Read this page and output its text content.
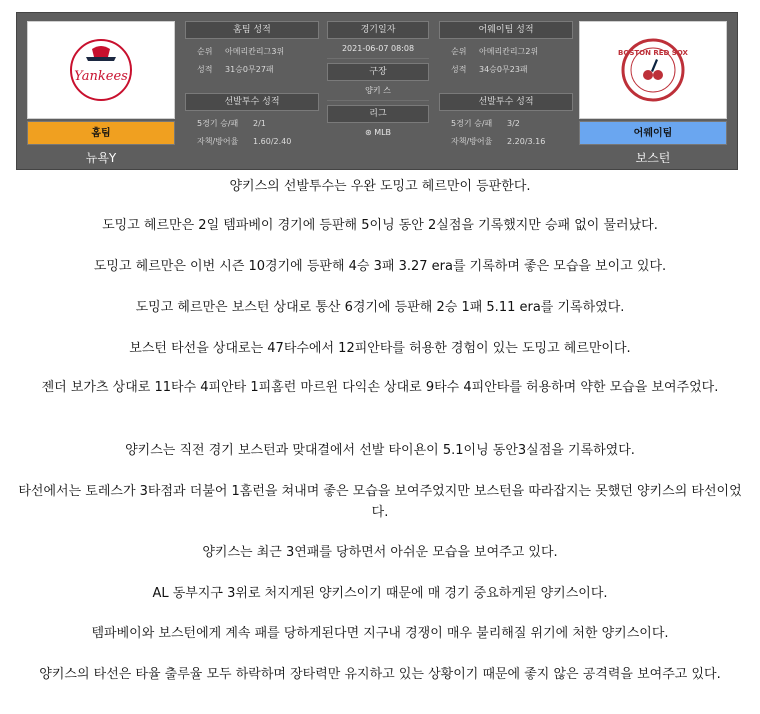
Yankees
홈팀
뉴욕Y
홈팀 성적
순위 아메리칸리그3위
성적 31승0무27패
선발투수 성적
5경기 승/패 2/1
자책/방어율 1.60/2.40
경기일자
2021-06-07 08:08
구장
양키 스
리그
⊛ MLB
어웨이팀 성적
순위 아메리칸리그2위
성적 34승0무23패
선발투수 성적
5경기 승/패 3/2
자책/방어율 2.20/3.16
BOSTON RED SOX
어웨이팀
보스턴

양키스의 선발투수는 우완 도밍고 헤르만이 등판한다.

도밍고 헤르만은 2일 템파베이 경기에 등판해 5이닝 동안 2실점을 기록했지만 승패 없이 물러났다.

도밍고 헤르만은 이번 시즌 10경기에 등판해 4승 3패 3.27 era를 기록하며 좋은 모습을 보이고 있다.

도밍고 헤르만은 보스턴 상대로 통산 6경기에 등판해 2승 1패 5.11 era를 기록하였다.

보스턴 타선을 상대로는 47타수에서 12피안타를 허용한 경험이 있는 도밍고 헤르만이다.

젠더 보가츠 상대로 11타수 4피안타 1피홈런 마르윈 다익손 상대로 9타수 4피안타를 허용하며 약한 모습을 보여주었다.

양키스는 직전 경기 보스턴과 맞대결에서 선발 타이욘이 5.1이닝 동안3실점을 기록하였다.

타선에서는 토레스가 3타점과 더불어 1홈런을 쳐내며 좋은 모습을 보여주었지만 보스턴을 따라잡지는 못했던 양키스의 타선이었다.

양키스는 최근 3연패를 당하면서 아쉬운 모습을 보여주고 있다.

AL 동부지구 3위로 처지게된 양키스이기 때문에 매 경기 중요하게된 양키스이다.

템파베이와 보스턴에게 계속 패를 당하게된다면 지구내 경쟁이 매우 불리해질 위기에 처한 양키스이다.

양키스의 타선은 타율 출루율 모두 하락하며 장타력만 유지하고 있는 상황이기 때문에 좋지 않은 공격력을 보여주고 있다.
